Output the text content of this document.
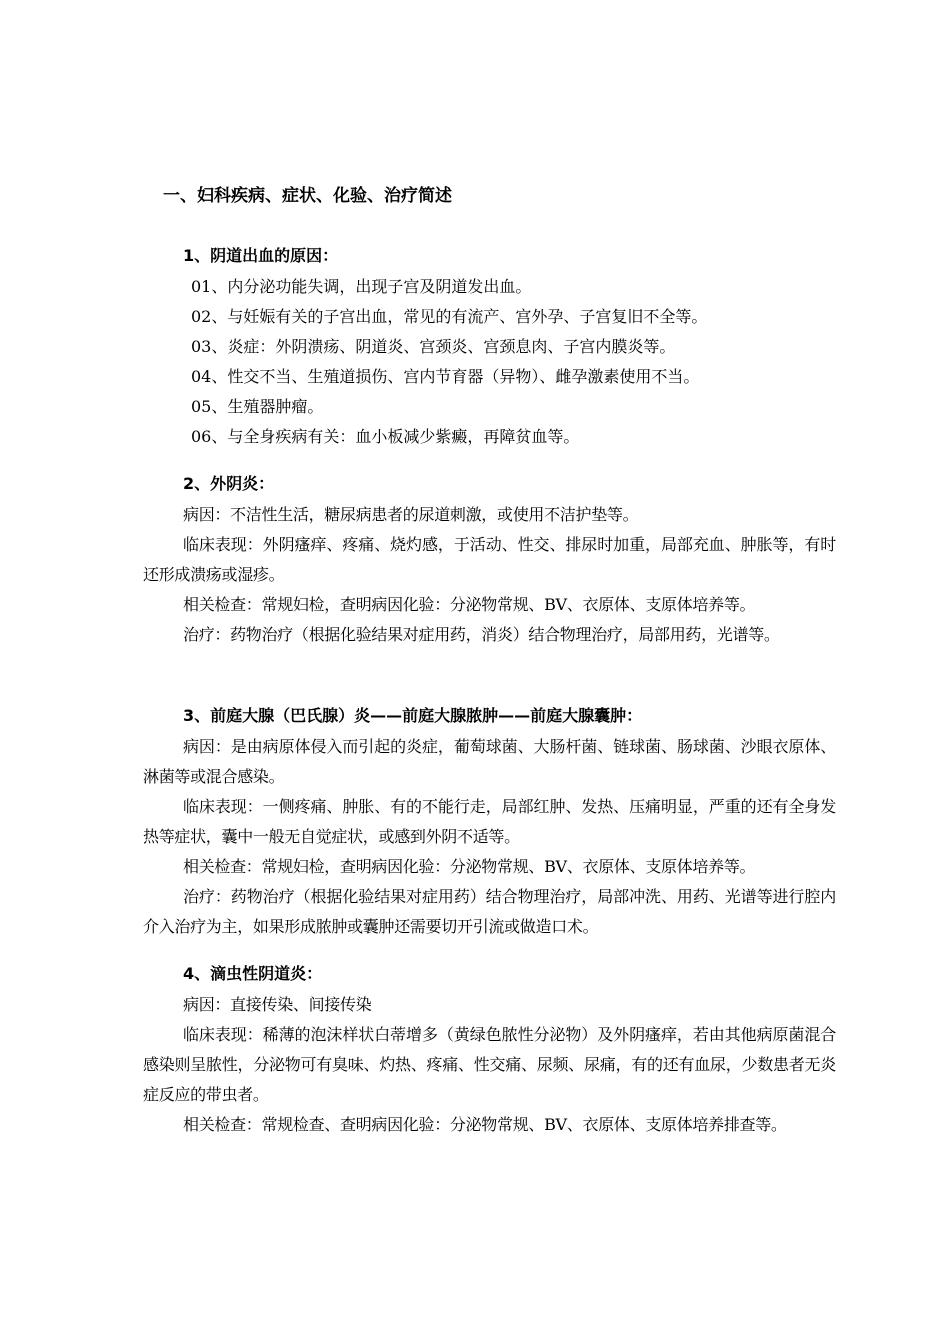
一、妇科疾病、症状、化验、治疗简述

1、阴道出血的原因：

01、内分泌功能失调，出现子宫及阴道发出血。

02、与妊娠有关的子宫出血，常见的有流产、宫外孕、子宫复旧不全等。

03、炎症：外阴溃疡、阴道炎、宫颈炎、宫颈息肉、子宫内膜炎等。

04、性交不当、生殖道损伤、宫内节育器（异物）、雌孕激素使用不当。

05、生殖器肿瘤。

06、与全身疾病有关：血小板减少紫癜，再障贫血等。

2、外阴炎：

病因：不洁性生活，糖尿病患者的尿道刺激，或使用不洁护垫等。

临床表现：外阴瘙痒、疼痛、烧灼感，于活动、性交、排尿时加重，局部充血、肿胀等，有时还形成溃疡或湿疹。

相关检查：常规妇检，查明病因化验：分泌物常规、BV、衣原体、支原体培养等。

治疗：药物治疗（根据化验结果对症用药，消炎）结合物理治疗，局部用药，光谱等。

3、前庭大腺（巴氏腺）炎——前庭大腺脓肿——前庭大腺囊肿：

病因：是由病原体侵入而引起的炎症，葡萄球菌、大肠杆菌、链球菌、肠球菌、沙眼衣原体、淋菌等或混合感染。

临床表现：一侧疼痛、肿胀、有的不能行走，局部红肿、发热、压痛明显，严重的还有全身发热等症状，囊中一般无自觉症状，或感到外阴不适等。

相关检查：常规妇检，查明病因化验：分泌物常规、BV、衣原体、支原体培养等。

治疗：药物治疗（根据化验结果对症用药）结合物理治疗，局部冲洗、用药、光谱等进行腔内介入治疗为主，如果形成脓肿或囊肿还需要切开引流或做造口术。

4、滴虫性阴道炎：

病因：直接传染、间接传染

临床表现：稀薄的泡沫样状白蒂增多（黄绿色脓性分泌物）及外阴瘙痒，若由其他病原菌混合感染则呈脓性，分泌物可有臭味、灼热、疼痛、性交痛、尿频、尿痛，有的还有血尿，少数患者无炎症反应的带虫者。

相关检查：常规检查、查明病因化验：分泌物常规、BV、衣原体、支原体培养排查等。
